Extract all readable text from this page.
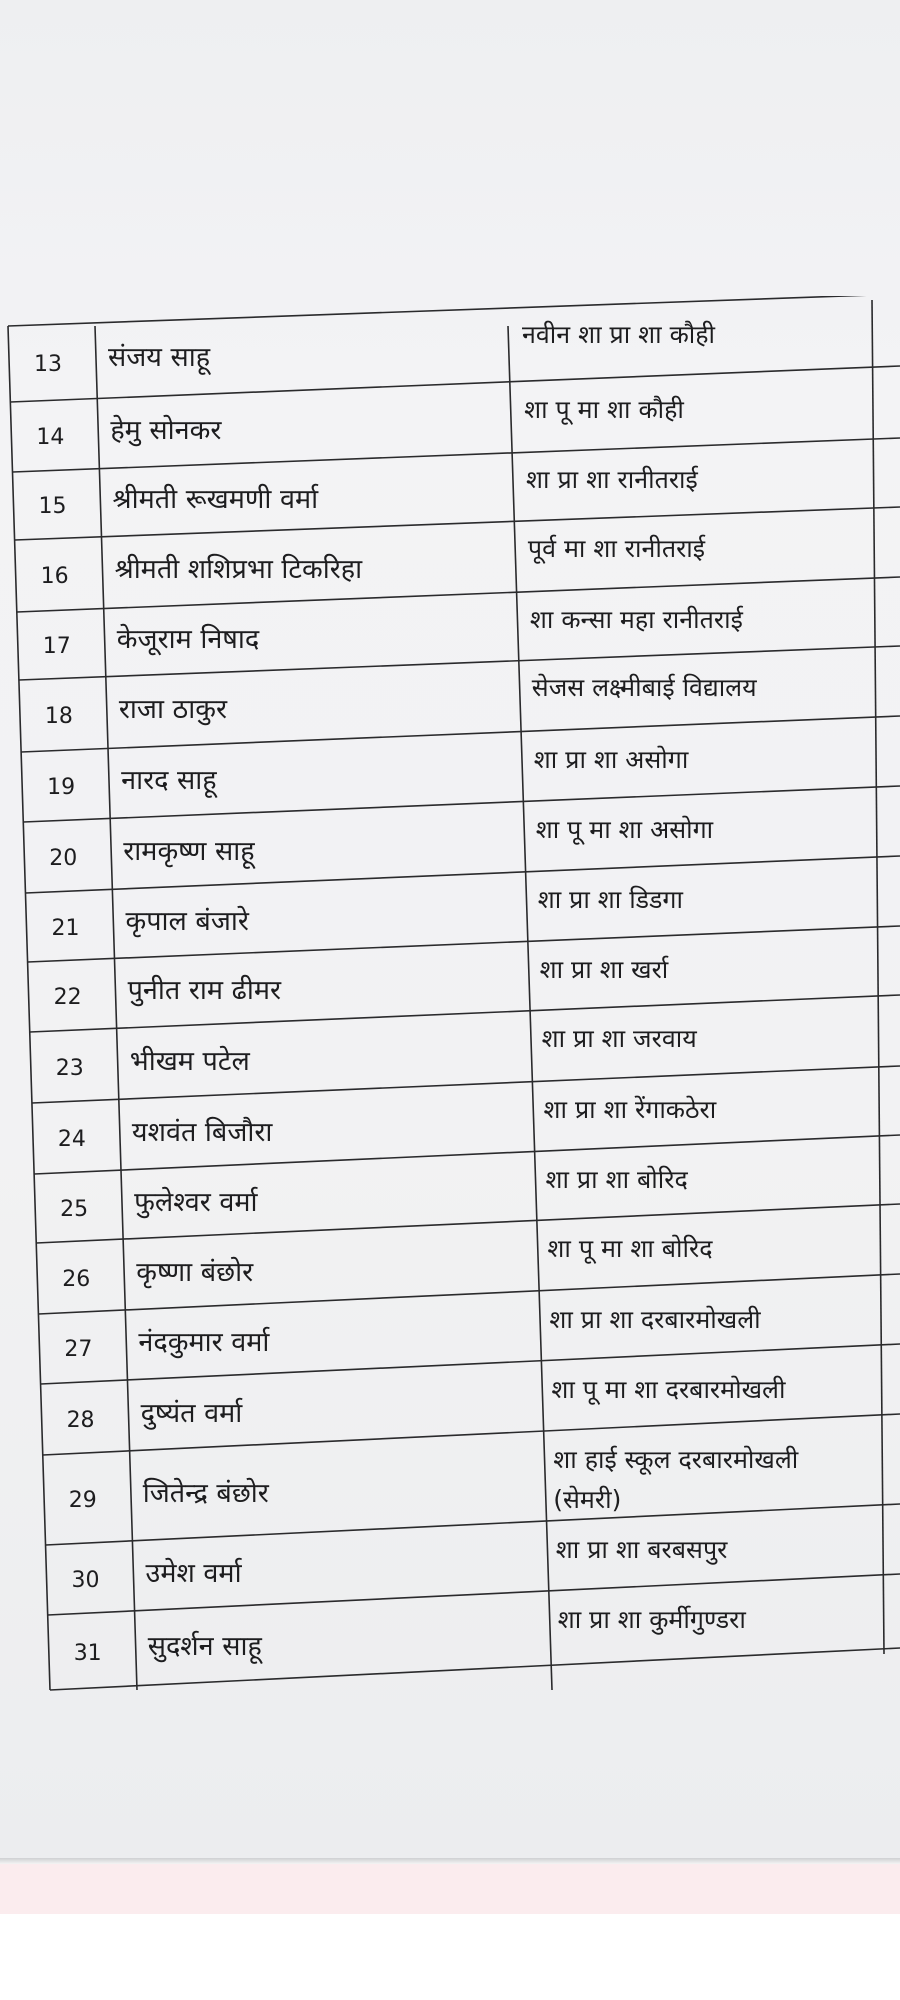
13 संजय साहू
नवीन शा प्रा शा कौही
14 हेमु सोनकर
शा पू मा शा कौही
15 श्रीमती रूखमणी वर्मा
शा प्रा शा रानीतराई
16 श्रीमती शशिप्रभा टिकरिहा
पूर्व मा शा रानीतराई
17 केजूराम निषाद
शा कन्सा महा रानीतराई
18 राजा ठाकुर
सेजस लक्ष्मीबाई विद्यालय
19 नारद साहू
शा प्रा शा असोगा
20 रामकृष्ण साहू
शा पू मा शा असोगा
21 कृपाल बंजारे
शा प्रा शा डिडगा
22 पुनीत राम ढीमर
शा प्रा शा खर्रा
23 भीखम पटेल
शा प्रा शा जरवाय
24 यशवंत बिजौरा
शा प्रा शा रेंगाकठेरा
25 फुलेश्वर वर्मा
शा प्रा शा बोरिद
26 कृष्णा बंछोर
शा पू मा शा बोरिद
27 नंदकुमार वर्मा
शा प्रा शा दरबारमोखली
28 दुष्यंत वर्मा
शा पू मा शा दरबारमोखली
29 जितेन्द्र बंछोर
शा हाई स्कूल दरबारमोखली
(सेमरी)
30 उमेश वर्मा
शा प्रा शा बरबसपुर
31 सुदर्शन साहू
शा प्रा शा कुर्मीगुण्डरा
